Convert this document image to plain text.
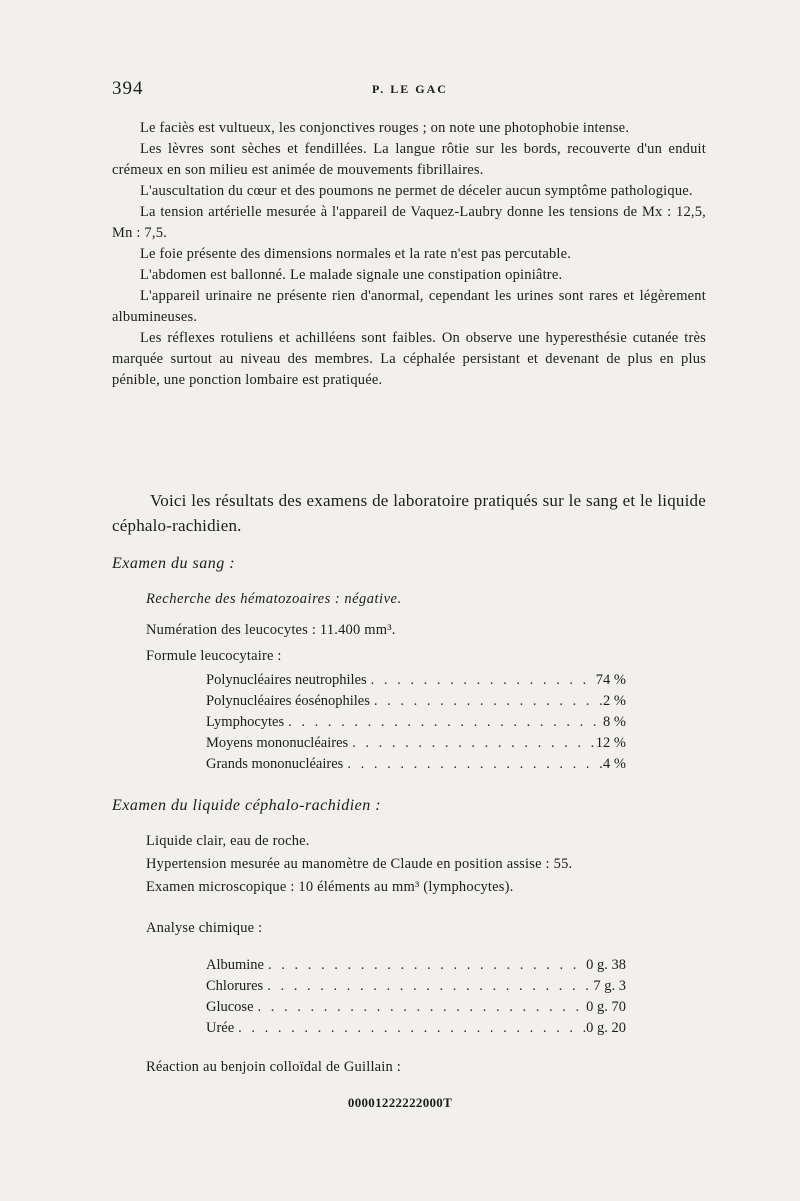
394	P. LE GAC

Le faciès est vultueux, les conjonctives rouges ; on note une photophobie intense.

Les lèvres sont sèches et fendillées. La langue rôtie sur les bords, recouverte d'un enduit crémeux en son milieu est animée de mouvements fibrillaires.

L'auscultation du cœur et des poumons ne permet de déceler aucun symptôme pathologique.

La tension artérielle mesurée à l'appareil de Vaquez-Laubry donne les tensions de Mx : 12,5, Mn : 7,5.

Le foie présente des dimensions normales et la rate n'est pas percutable.

L'abdomen est ballonné. Le malade signale une constipation opiniâtre.

L'appareil urinaire ne présente rien d'anormal, cependant les urines sont rares et légèrement albumineuses.

Les réflexes rotuliens et achilléens sont faibles. On observe une hyperesthésie cutanée très marquée surtout au niveau des membres. La céphalée persistant et devenant de plus en plus pénible, une ponction lombaire est pratiquée.

Voici les résultats des examens de laboratoire pratiqués sur le sang et le liquide céphalo-rachidien.
Examen du sang :
Recherche des hématozoaires : négative.
Numération des leucocytes : 11.400 mm³.
Formule leucocytaire :
Polynucléaires neutrophiles . . .	74 %
Polynucléaires éosénophiles . . .	2 %
Lymphocytes . . .	8 %
Moyens mononucléaires . . .	12 %
Grands mononucléaires . . .	4 %
Examen du liquide céphalo-rachidien :
Liquide clair, eau de roche.
Hypertension mesurée au manomètre de Claude en position assise : 55.
Examen microscopique : 10 éléments au mm³ (lymphocytes).
Analyse chimique :
Albumine . . .	0 g. 38
Chlorures . . .	7 g. 3
Glucose . . .	0 g. 70
Urée . . .	0 g. 20
Réaction au benjoin colloïdal de Guillain :
00001222222000T
